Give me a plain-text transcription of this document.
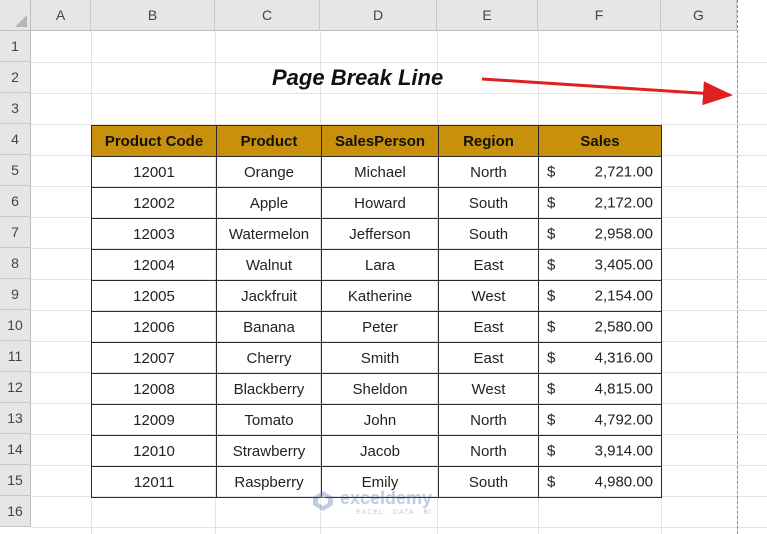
A	B	C	D	E	F	G
1
2
3
4
5
6
7
8
9
10
11
12
13
14
15
16
Page Break Line
Product Code	Product	SalesPerson	Region	Sales
12001	Orange	Michael	North	$ 2,721.00

12002	Apple	Howard	South	$ 2,172.00

12003	Watermelon	Jefferson	South	$ 2,958.00

12004	Walnut	Lara	East	$ 3,405.00

12005	Jackfruit	Katherine	West	$ 2,154.00

12006	Banana	Peter	East	$ 2,580.00

12007	Cherry	Smith	East	$ 4,316.00

12008	Blackberry	Sheldon	West	$ 4,815.00

12009	Tomato	John	North	$ 4,792.00

12010	Strawberry	Jacob	North	$ 3,914.00

12011	Raspberry	Emily	South	$ 4,980.00
exceldemy
EXCEL · DATA · BI
